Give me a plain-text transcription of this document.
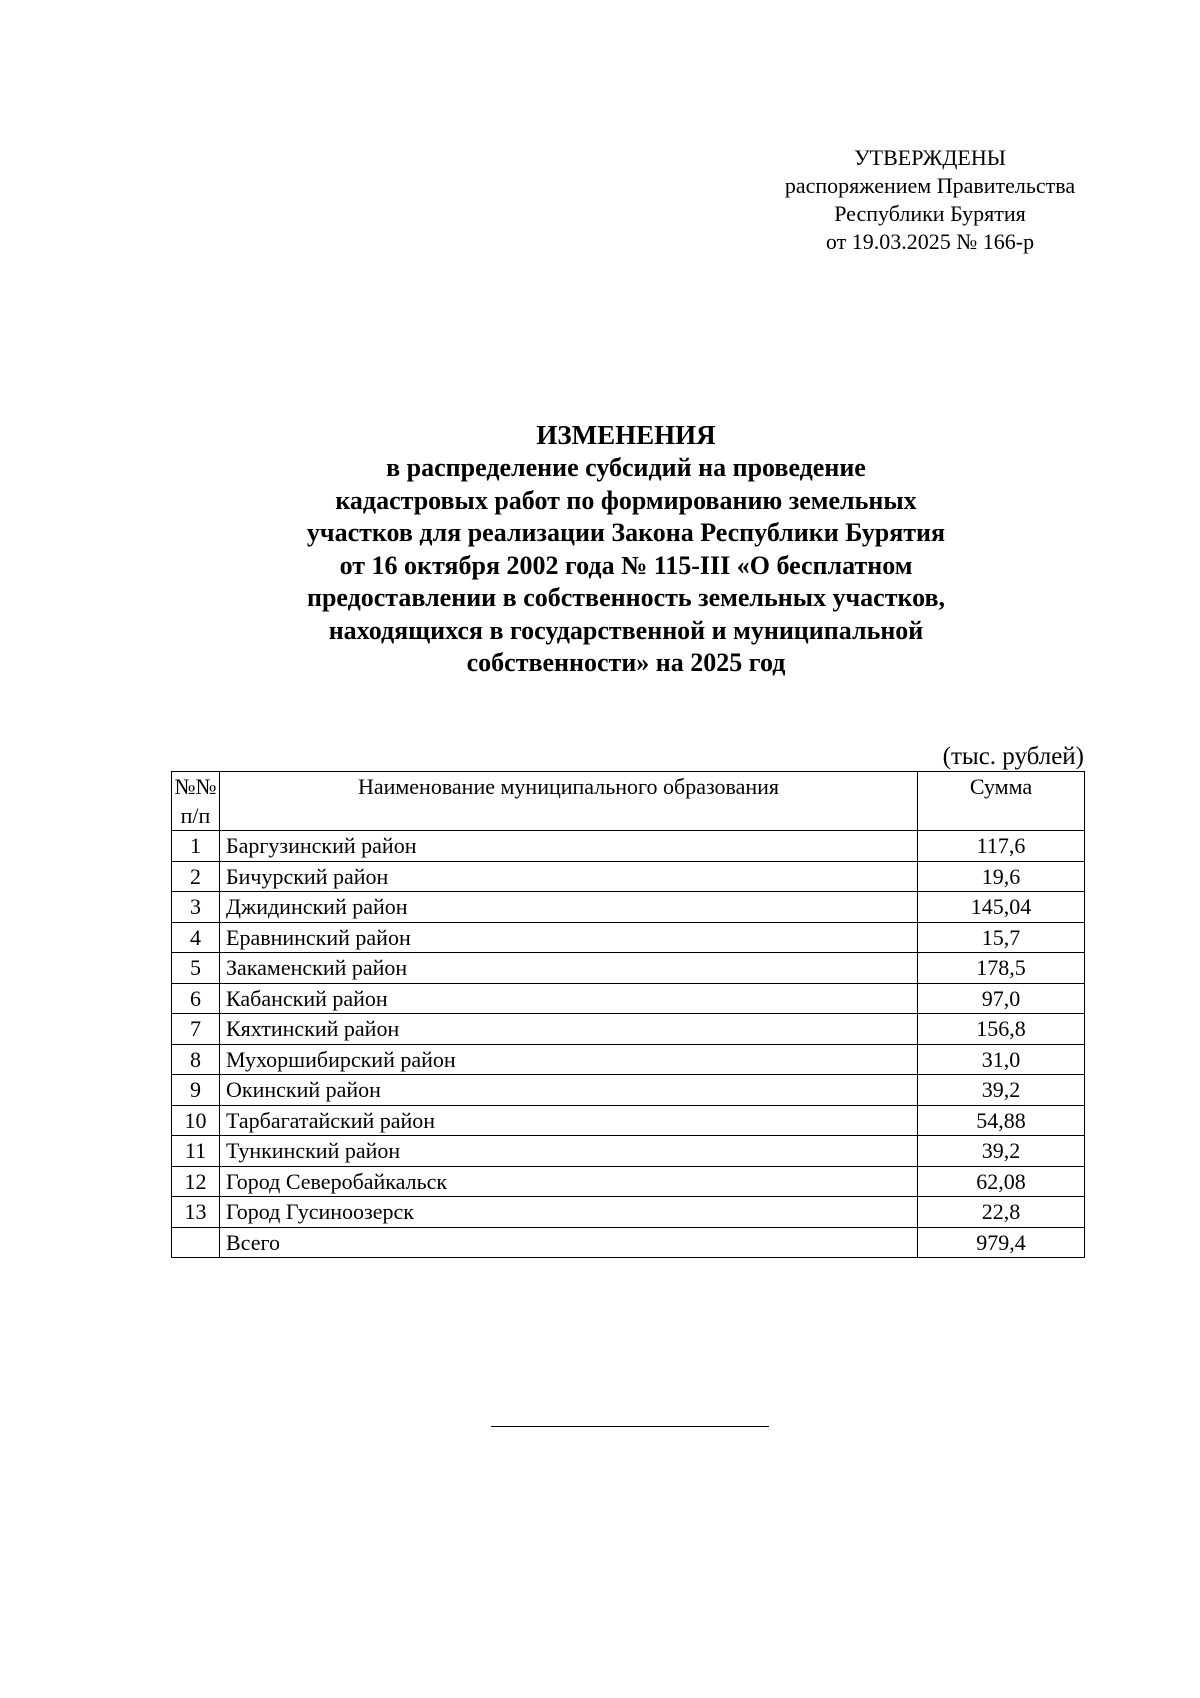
УТВЕРЖДЕНЫ
распоряжением Правительства
Республики Бурятия
от 19.03.2025 № 166-р
ИЗМЕНЕНИЯ
в распределение субсидий на проведение
кадастровых работ по формированию земельных
участков для реализации Закона Республики Бурятия
от 16 октября 2002 года № 115-III «О бесплатном
предоставлении в собственность земельных участков,
находящихся в государственной и муниципальной
собственности» на 2025 год
(тыс. рублей)
№№
п/п	Наименование муниципального образования	Сумма
1	Баргузинский район	117,6
2	Бичурский район	19,6
3	Джидинский район	145,04
4	Еравнинский район	15,7
5	Закаменский район	178,5
6	Кабанский район	97,0
7	Кяхтинский район	156,8
8	Мухоршибирский район	31,0
9	Окинский район	39,2
10	Тарбагатайский район	54,88
11	Тункинский район	39,2
12	Город Северобайкальск	62,08
13	Город Гусиноозерск	22,8
	Всего	979,4
